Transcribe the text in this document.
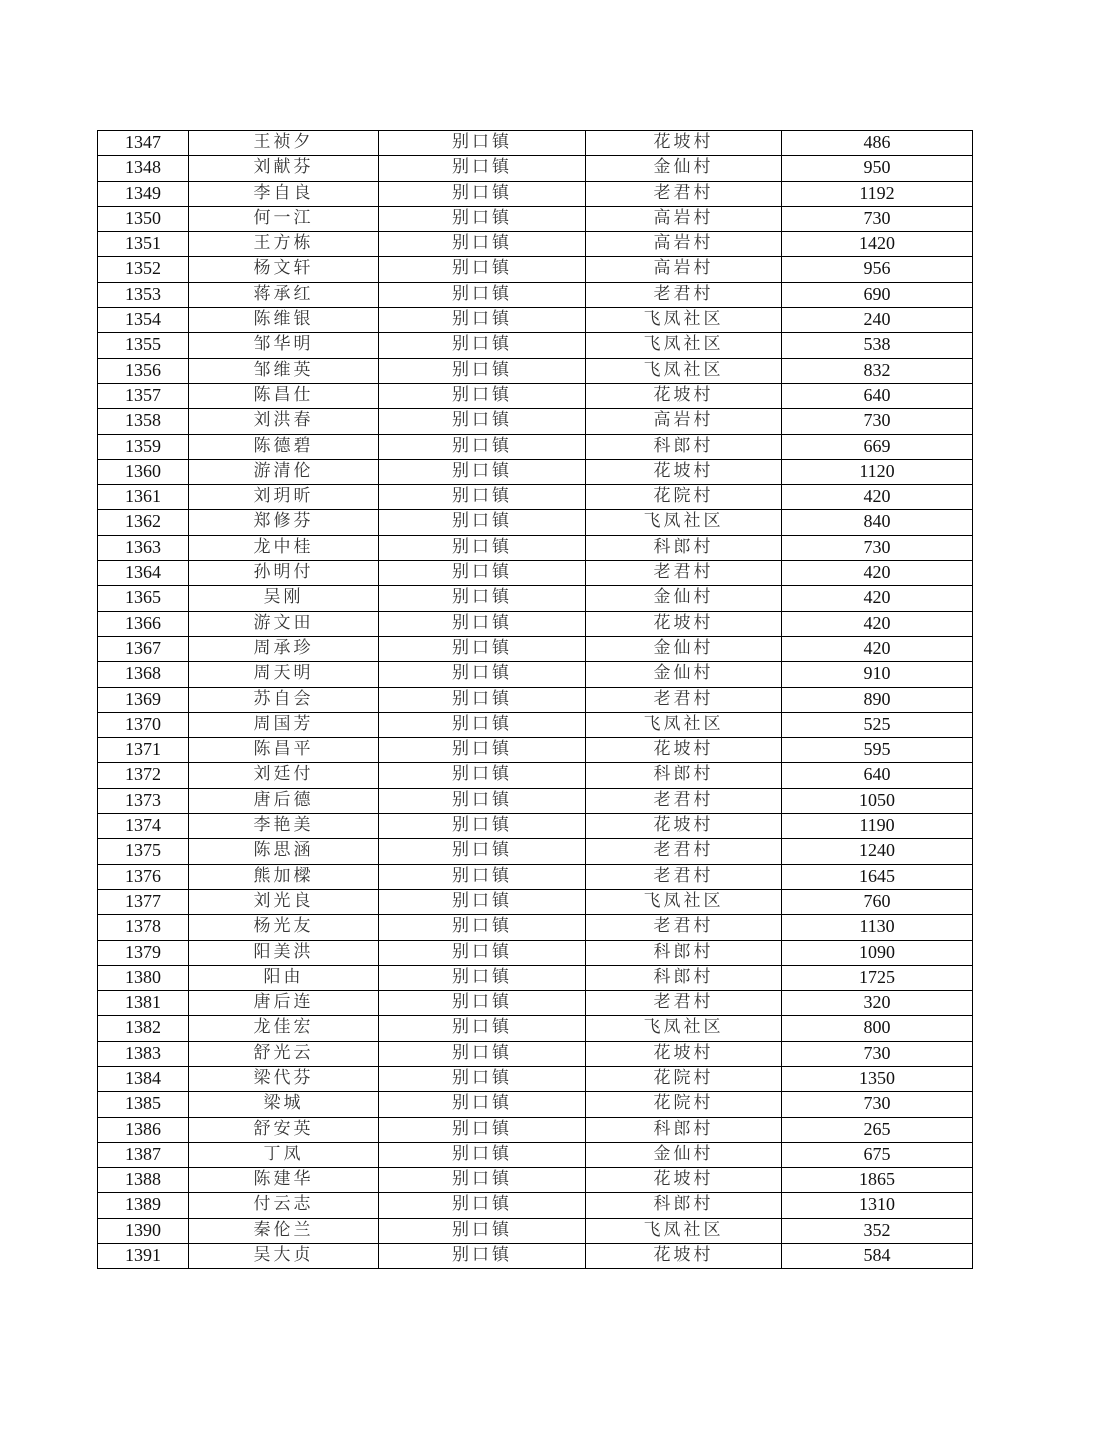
1347	王祯夕	别口镇	花坡村	486
1348	刘献芬	别口镇	金仙村	950
1349	李自良	别口镇	老君村	1192
1350	何一江	别口镇	高岩村	730
1351	王方栋	别口镇	高岩村	1420
1352	杨文轩	别口镇	高岩村	956
1353	蒋承红	别口镇	老君村	690
1354	陈维银	别口镇	飞凤社区	240
1355	邹华明	别口镇	飞凤社区	538
1356	邹维英	别口镇	飞凤社区	832
1357	陈昌仕	别口镇	花坡村	640
1358	刘洪春	别口镇	高岩村	730
1359	陈德碧	别口镇	科郎村	669
1360	游清伦	别口镇	花坡村	1120
1361	刘玥昕	别口镇	花院村	420
1362	郑修芬	别口镇	飞凤社区	840
1363	龙中桂	别口镇	科郎村	730
1364	孙明付	别口镇	老君村	420
1365	吴刚	别口镇	金仙村	420
1366	游文田	别口镇	花坡村	420
1367	周承珍	别口镇	金仙村	420
1368	周天明	别口镇	金仙村	910
1369	苏自会	别口镇	老君村	890
1370	周国芳	别口镇	飞凤社区	525
1371	陈昌平	别口镇	花坡村	595
1372	刘廷付	别口镇	科郎村	640
1373	唐后德	别口镇	老君村	1050
1374	李艳美	别口镇	花坡村	1190
1375	陈思涵	别口镇	老君村	1240
1376	熊加樑	别口镇	老君村	1645
1377	刘光良	别口镇	飞凤社区	760
1378	杨光友	别口镇	老君村	1130
1379	阳美洪	别口镇	科郎村	1090
1380	阳由	别口镇	科郎村	1725
1381	唐后连	别口镇	老君村	320
1382	龙佳宏	别口镇	飞凤社区	800
1383	舒光云	别口镇	花坡村	730
1384	梁代芬	别口镇	花院村	1350
1385	梁城	别口镇	花院村	730
1386	舒安英	别口镇	科郎村	265
1387	丁凤	别口镇	金仙村	675
1388	陈建华	别口镇	花坡村	1865
1389	付云志	别口镇	科郎村	1310
1390	秦伦兰	别口镇	飞凤社区	352
1391	吴大贞	别口镇	花坡村	584
